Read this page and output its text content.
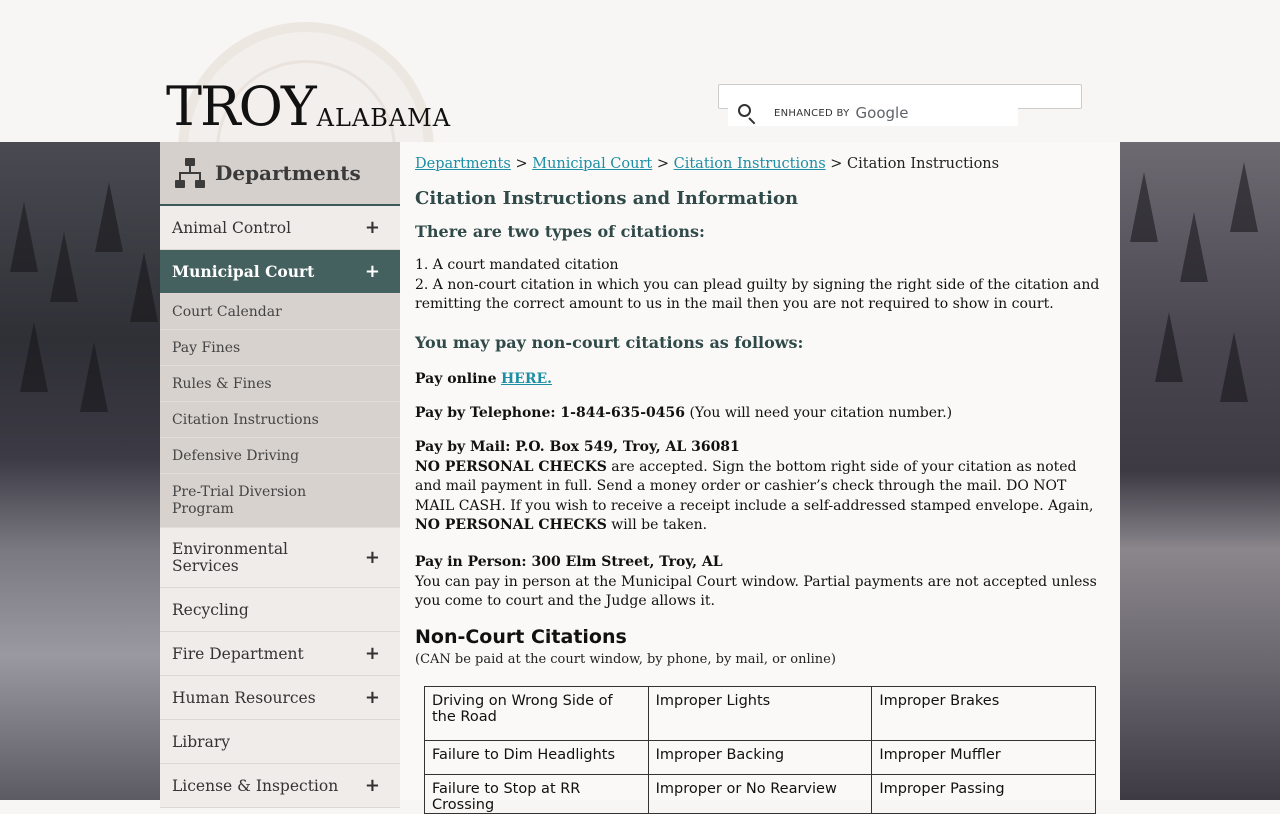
TROY ALABAMA	ENHANCED BY Google
Departments
Animal Control	+
Municipal Court	+
Court Calendar
Pay Fines
Rules & Fines
Citation Instructions
Defensive Driving
Pre-Trial Diversion Program
Environmental Services	+
Recycling
Fire Department	+
Human Resources	+
Library
License & Inspection +
Departments > Municipal Court > Citation Instructions > Citation Instructions
Citation Instructions and Information
There are two types of citations:
1. A court mandated citation
2. A non-court citation in which you can plead guilty by signing the right side of the citation and remitting the correct amount to us in the mail then you are not required to show in court.
You may pay non-court citations as follows:
Pay online HERE.
Pay by Telephone: 1-844-635-0456 (You will need your citation number.)
Pay by Mail: P.O. Box 549, Troy, AL 36081
NO PERSONAL CHECKS are accepted. Sign the bottom right side of your citation as noted and mail payment in full. Send a money order or cashier’s check through the mail. DO NOT MAIL CASH. If you wish to receive a receipt include a self-addressed stamped envelope. Again, NO PERSONAL CHECKS will be taken.
Pay in Person: 300 Elm Street, Troy, AL
You can pay in person at the Municipal Court window. Partial payments are not accepted unless you come to court and the Judge allows it.
Non-Court Citations
(CAN be paid at the court window, by phone, by mail, or online)
Driving on Wrong Side of the Road	Improper Lights	Improper Brakes
Failure to Dim Headlights	Improper Backing	Improper Muffler
Failure to Stop at RR Crossing	Improper or No Rearview	Improper Passing
